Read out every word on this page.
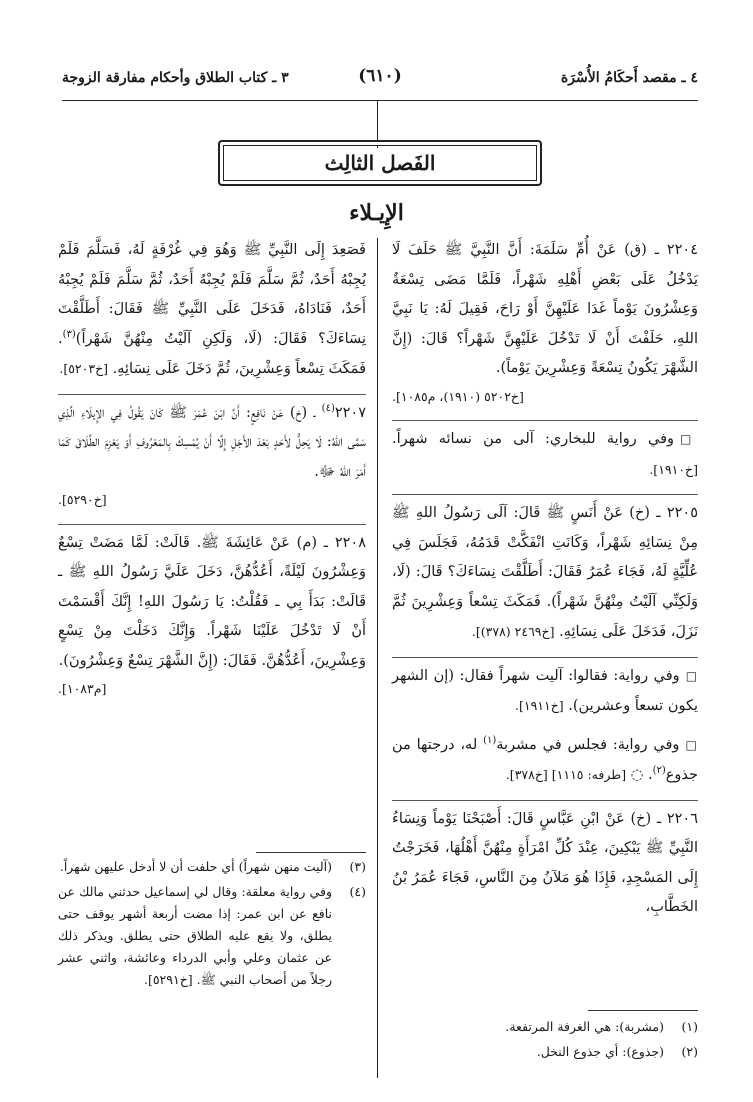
٤ ـ مقصد أَحكَامُ الأُسْرَة
(٦١٠)
٣ ـ كتاب الطلاق وأحكام مفارقة الزوجة
الفَصل الثالِث
الإِيـلاء
٢٢٠٤ ـ (ق) عَنْ أُمِّ سَلَمَةَ: أَنَّ النَّبِيَّ ﷺ حَلَفَ لَا يَدْخُلُ عَلَى بَعْضِ أَهْلِهِ شَهْراً، فَلَمَّا مَضَى تِسْعَةٌ وَعِشْرُونَ يَوْماً غَدَا عَلَيْهِنَّ أَوْ رَاحَ، فَقِيلَ لَهُ: يَا نَبِيَّ اللهِ، حَلَفْتَ أَنْ لَا تَدْخُلَ عَلَيْهِنَّ شَهْراً؟ قَالَ: (إِنَّ الشَّهْرَ يَكُونُ تِسْعَةً وَعِشْرِينَ يَوْماً).
[خ٥٢٠٢ (١٩١٠)، م١٠٨٥].
□وفي رواية للبخاري: آلى من نسائه شهراً. [خ١٩١٠].
٢٢٠٥ ـ (خ) عَنْ أَنَسٍ ﷺ قَالَ: آلَى رَسُولُ اللهِ ﷺ مِنْ نِسَائِهِ شَهْراً، وَكَانَتِ انْفَكَّتْ قَدَمُهُ، فَجَلَسَ فِي عُلِّيَّةٍ لَهُ، فَجَاءَ عُمَرُ فَقَالَ: أَطَلَّقْتَ نِسَاءَكَ؟ قَالَ: (لَا، وَلَكِنِّي آلَيْتُ مِنْهُنَّ شَهْراً). فَمَكَثَ تِسْعاً وَعِشْرِينَ ثُمَّ نَزَلَ، فَدَخَلَ عَلَى نِسَائِهِ. [خ٢٤٦٩ (٣٧٨)].
□وفي رواية: فقالوا: آليت شهراً فقال: (إن الشهر يكون تسعاً وعشرين). [خ١٩١١].
□وفي رواية: فجلس في مشربة$^{(١)}$ له، درجتها من جذوع$^{(٢)}$. ◌ [طرفه: ١١١٥] [خ٣٧٨].
٢٢٠٦ ـ (خ) عَنْ ابْنِ عَبَّاسٍ قَالَ: أَصْبَحْنَا يَوْماً وَنِسَاءُ النَّبِيِّ ﷺ يَبْكِينَ، عِنْدَ كُلِّ امْرَأَةٍ مِنْهُنَّ أَهْلُهَا، فَخَرَجْتُ إِلَى المَسْجِدِ، فَإِذَا هُوَ مَلآنُ مِنَ النَّاسِ، فَجَاءَ عُمَرُ بْنُ الخَطَّابِ،
فَصَعِدَ إِلَى النَّبِيِّ ﷺ وَهُوَ فِي غُرْفَةٍ لَهُ، فَسَلَّمَ فَلَمْ يُجِبْهُ أَحَدٌ، ثُمَّ سَلَّمَ فَلَمْ يُجِبْهُ أَحَدٌ، ثُمَّ سَلَّمَ فَلَمْ يُجِبْهُ أَحَدٌ، فَنَادَاهُ، فَدَخَلَ عَلَى النَّبِيِّ ﷺ فَقَالَ: أَطَلَّقْتَ نِسَاءَكَ؟ فَقَالَ: (لَا، وَلَكِنِ آلَيْتُ مِنْهُنَّ شَهْراً)$^{(٣)}$. فَمَكَثَ تِسْعاً وَعِشْرِينَ، ثُمَّ دَخَلَ عَلَى نِسَائِهِ. [خ٥٢٠٣].
٢٢٠٧$^{(٤)}$ ـ (خ) عَنْ نَافِعٍ: أَنَّ ابْنَ عُمَرَ ﷺ كَانَ يَقُولُ فِي الإِيلَاءِ الَّذِي سَمَّى اللهُ: لَا يَحِلُّ لأَحَدٍ بَعْدَ الأَجَلِ إِلَّا أَنْ يُمْسِكَ بِالمَعْرُوفِ أَوْ يَعْزِمَ الطَّلَاقَ كَمَا أَمَرَ اللهُ ﷻ.
[خ٥٢٩٠].
٢٢٠٨ ـ (م) عَنْ عَائِشَةَ ﷺ. قَالَتْ: لَمَّا مَضَتْ تِسْعٌ وَعِشْرُونَ لَيْلَةً، أَعُدُّهُنَّ، دَخَلَ عَلَيَّ رَسُولُ اللهِ ﷺ ـ قَالَتْ: بَدَأَ بِي ـ فَقُلْتُ: يَا رَسُولَ اللهِ! إِنَّكَ أَقْسَمْتَ أَنْ لَا تَدْخُلَ عَلَيْنَا شَهْراً. وَإِنَّكَ دَخَلْتَ مِنْ تِسْعٍ وَعِشْرِينَ، أَعُدُّهُنَّ. فَقَالَ: (إِنَّ الشَّهْرَ تِسْعٌ وَعِشْرُونَ).
[م١٠٨٣].
(٣)(آليت منهن شهراً) أي حلفت أن لا أدخل عليهن شهراً.
(٤)وفي رواية معلقة: وقال لي إسماعيل حدثني مالك عن نافع عن ابن عمر: إذا مضت أربعة أشهر يوقف حتى يطلق، ولا يقع عليه الطلاق حتى يطلق. ويذكر ذلك عن عثمان وعلي وأبي الدرداء وعائشة، واثني عشر رجلاً من أصحاب النبي ﷺ. [خ٥٢٩١].
(١)(مشربة): هي الغرفة المرتفعة.
(٢)(جذوع): أي جذوع النخل.
